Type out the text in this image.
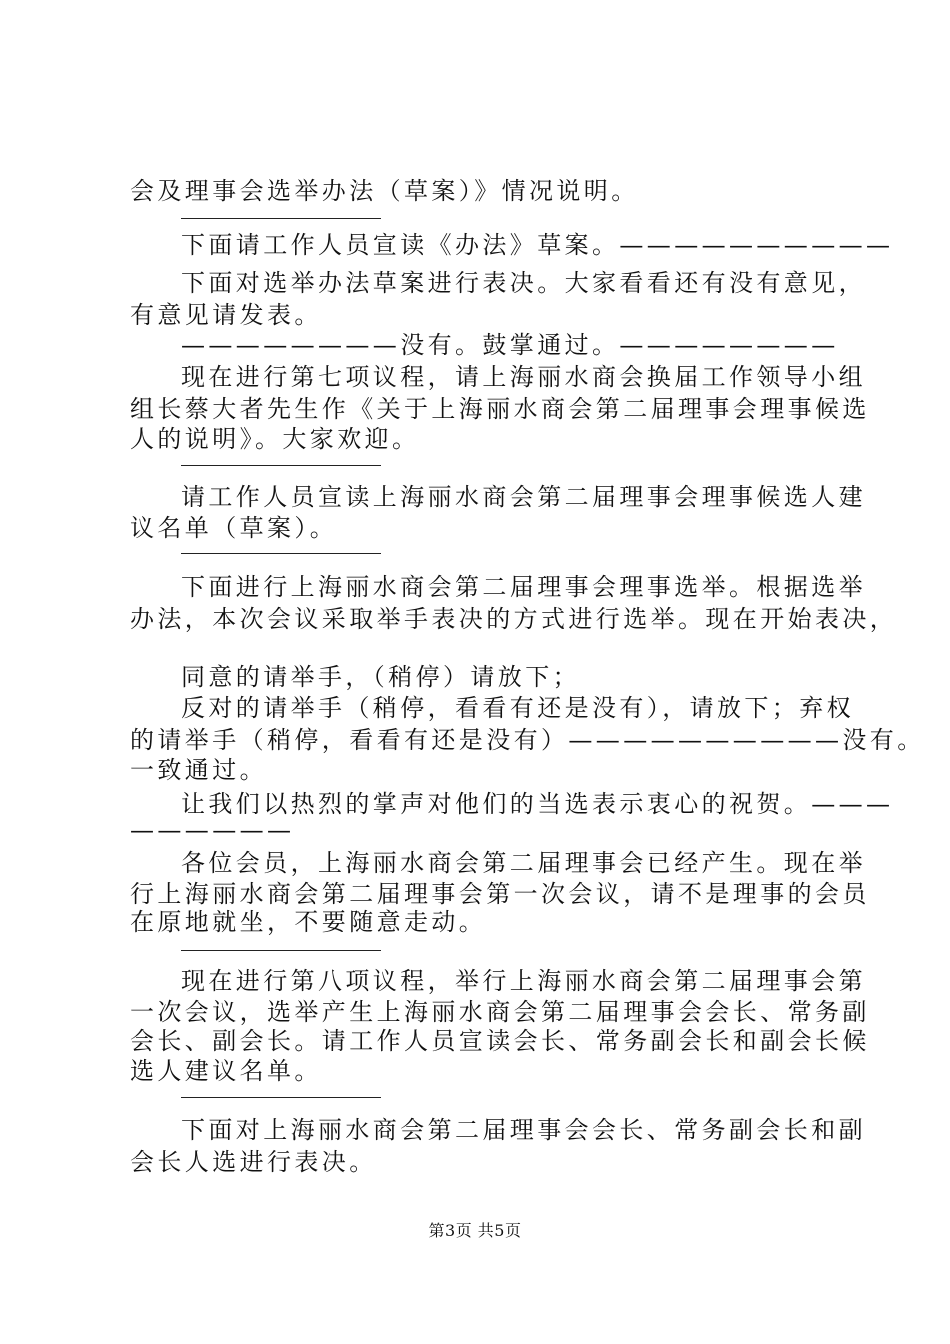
会及理事会选举办法（草案）》情况说明。
下面请工作人员宣读《办法》草案。——————————
下面对选举办法草案进行表决。大家看看还有没有意见，
有意见请发表。
————————没有。鼓掌通过。————————
现在进行第七项议程，请上海丽水商会换届工作领导小组
组长蔡大者先生作《关于上海丽水商会第二届理事会理事候选
人的说明》。大家欢迎。
请工作人员宣读上海丽水商会第二届理事会理事候选人建
议名单（草案）。
下面进行上海丽水商会第二届理事会理事选举。根据选举
办法，本次会议采取举手表决的方式进行选举。现在开始表决，
同意的请举手，（稍停）请放下；
反对的请举手（稍停，看看有还是没有），请放下；弃权
的请举手（稍停，看看有还是没有）——————————没有。
一致通过。
让我们以热烈的掌声对他们的当选表示衷心的祝贺。———
——————
各位会员，上海丽水商会第二届理事会已经产生。现在举
行上海丽水商会第二届理事会第一次会议，请不是理事的会员
在原地就坐，不要随意走动。
现在进行第八项议程，举行上海丽水商会第二届理事会第
一次会议，选举产生上海丽水商会第二届理事会会长、常务副
会长、副会长。请工作人员宣读会长、常务副会长和副会长候
选人建议名单。
下面对上海丽水商会第二届理事会会长、常务副会长和副
会长人选进行表决。
第3页 共5页
